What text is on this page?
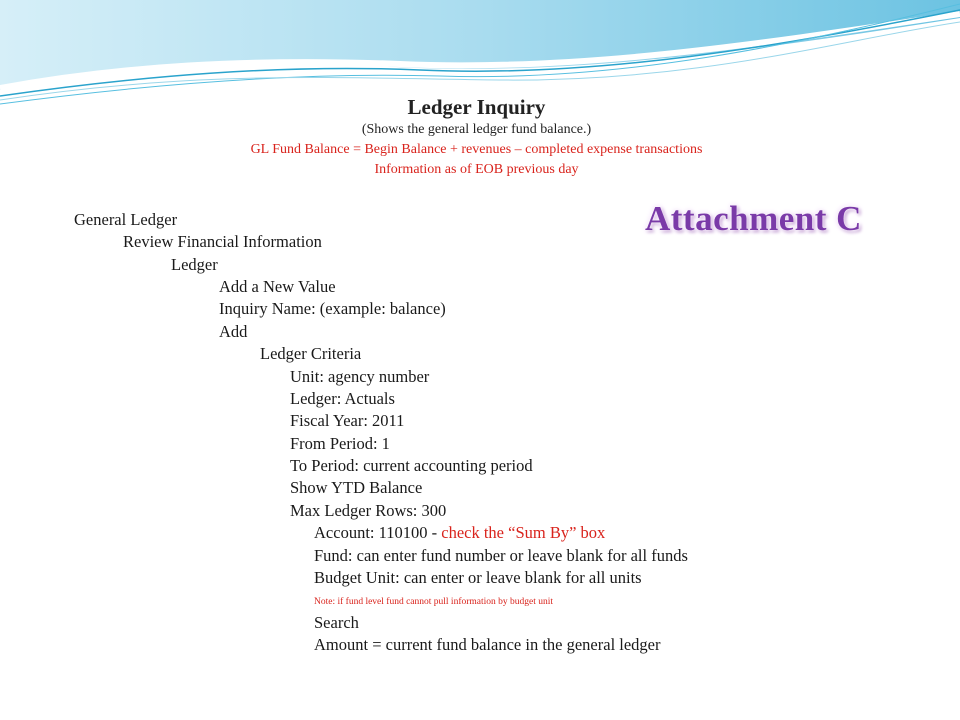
Ledger Inquiry
(Shows the general ledger fund balance.)
GL Fund Balance = Begin Balance + revenues – completed expense transactions
Information as of EOB previous day
Attachment C
General Ledger
Review Financial Information
Ledger
Add a New Value
Inquiry Name: (example: balance)
Add
Ledger Criteria
Unit: agency number
Ledger: Actuals
Fiscal Year: 2011
From Period: 1
To Period: current accounting period
Show YTD Balance
Max Ledger Rows: 300
Account: 110100 - check the “Sum By” box
Fund: can enter fund number or leave blank for all funds
Budget Unit: can enter or leave blank for all units
Note: if fund level fund cannot pull information by budget unit
Search
Amount = current fund balance in the general ledger
